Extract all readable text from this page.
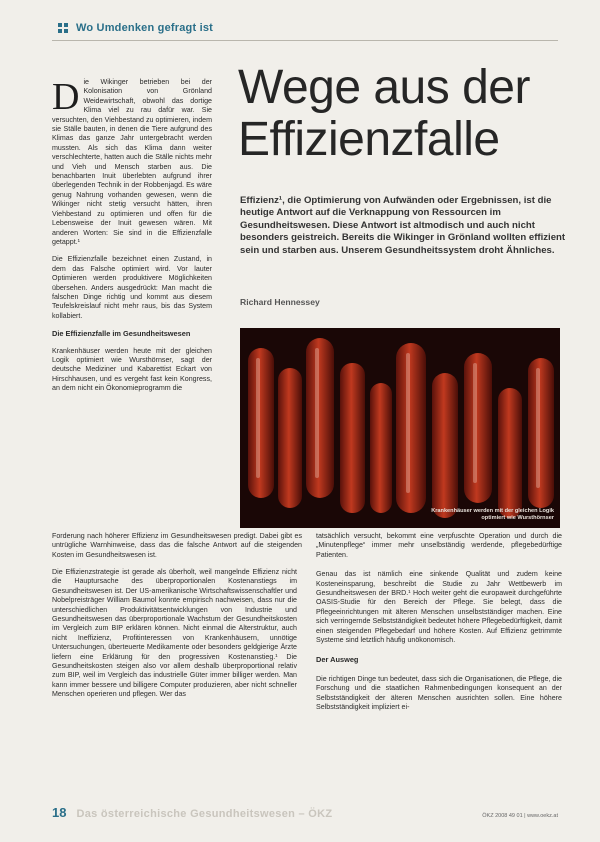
Wo Umdenken gefragt ist

Die Wikinger betrieben bei der Kolonisation von Grönland Weidewirtschaft, obwohl das dortige Klima viel zu rau dafür war. Sie versuchten, den Viehbestand zu optimieren, indem sie Ställe bauten, in denen die Tiere aufgrund des Klimas das ganze Jahr untergebracht werden mussten. Als sich das Klima dann weiter verschlechterte, hatten auch die Ställe nichts mehr und Vieh und Mensch starben aus. Die benachbarten Inuit überlebten aufgrund ihrer überlegenden Technik in der Robbenjagd. Es wäre genug Nahrung vorhanden gewesen, wenn die Wikinger nicht stetig versucht hätten, ihren Viehbestand zu optimieren und offen für die Lebensweise der Inuit gewesen wären. Mit anderen Worten: Sie sind in die Effizienzfalle getappt.¹

Die Effizienzfalle bezeichnet einen Zustand, in dem das Falsche optimiert wird. Vor lauter Optimieren werden produktivere Möglichkeiten übersehen. Anders ausgedrückt: Man macht die falschen Dinge richtig und kommt aus diesem Teufelskreislauf nicht mehr raus, bis das System kollabiert.

Die Effizienzfalle im Gesundheitswesen

Krankenhäuser werden heute mit der gleichen Logik optimiert wie Wursthörnser, sagt der deutsche Mediziner und Kabarettist Eckart von Hirschhausen, und es vergeht fast kein Kongress, an dem nicht ein Ökonomieprogramm die

Wege aus der
Effizienzfalle
Effizienz¹, die Optimierung von Aufwänden oder Ergebnissen, ist die heutige Antwort auf die Verknappung von Ressourcen im Gesundheitswesen. Diese Antwort ist altmodisch und auch nicht besonders geistreich. Bereits die Wikinger in Grönland wollten effizient sein und starben aus. Unserem Gesundheitssystem droht Ähnliches.
Richard Hennessey
Krankenhäuser werden mit der gleichen Logik optimiert wie Wursthörnser
Forderung nach höherer Effizienz im Gesundheitswesen predigt. Dabei gibt es untrügliche Warnhinweise, dass das die falsche Antwort auf die steigenden Kosten im Gesundheitswesen ist.

Die Effizienzstrategie ist gerade als überholt, weil mangelnde Effizienz nicht die Hauptursache des überproportionalen Kostenanstiegs im Gesundheitswesen ist. Der US-amerikanische Wirtschaftswissenschaftler und Nobelpreisträger William Baumol konnte empirisch nachweisen, dass nur die unterschiedlichen Produktivitätsentwicklungen von Industrie und Gesundheitswesen das überproportionale Wachstum der Gesundheitskosten im Vergleich zum BIP erklären können. Nicht einmal die Alterstruktur, auch nicht Ineffizienz, Profitinteressen von Krankenhäusern, unnötige Untersuchungen, überteuerte Medikamente oder besonders geldgierige Ärzte liefern eine Erklärung für den progressiven Kostenanstieg.¹ Die Gesundheitskosten steigen also vor allem deshalb überproportional relativ zum BIP, weil im Vergleich das industrielle Güter immer billiger werden. Man kann immer bessere und billigere Computer produzieren, aber nicht schneller Menschen operieren und pflegen. Wer das

tatsächlich versucht, bekommt eine verpfuschte Operation und durch die „Minutenpflege“ immer mehr unselbständig werdende, pflegebedürftige Patienten.

Genau das ist nämlich eine sinkende Qualität und zudem keine Kosteneinsparung, beschreibt die Studie zu Jahr Wettbewerb im Gesundheitswesen der BRD.¹ Hoch weiter geht die europaweit durchgeführte OASIS-Studie für den Bereich der Pflege. Sie belegt, dass die Pflegeeinrichtungen mit älteren Menschen unselbstständiger machen. Eine sich verringernde Selbstständigkeit bedeutet höhere Pflegebedürftigkeit, damit einen steigenden Pflegebedarf und höhere Kosten. Auf Effizienz getrimmte Systeme sind letztlich häufig unökonomisch.

Der Ausweg

Die richtigen Dinge tun bedeutet, dass sich die Organisationen, die Pflege, die Forschung und die staatlichen Rahmenbedingungen konsequent an der Selbstständigkeit der älteren Menschen ausrichten sollen. Eine höhere Selbstständigkeit impliziert ei-

18 Das österreichische Gesundheitswesen – ÖKZ	ÖKZ 2008 49 01 | www.oekz.at
